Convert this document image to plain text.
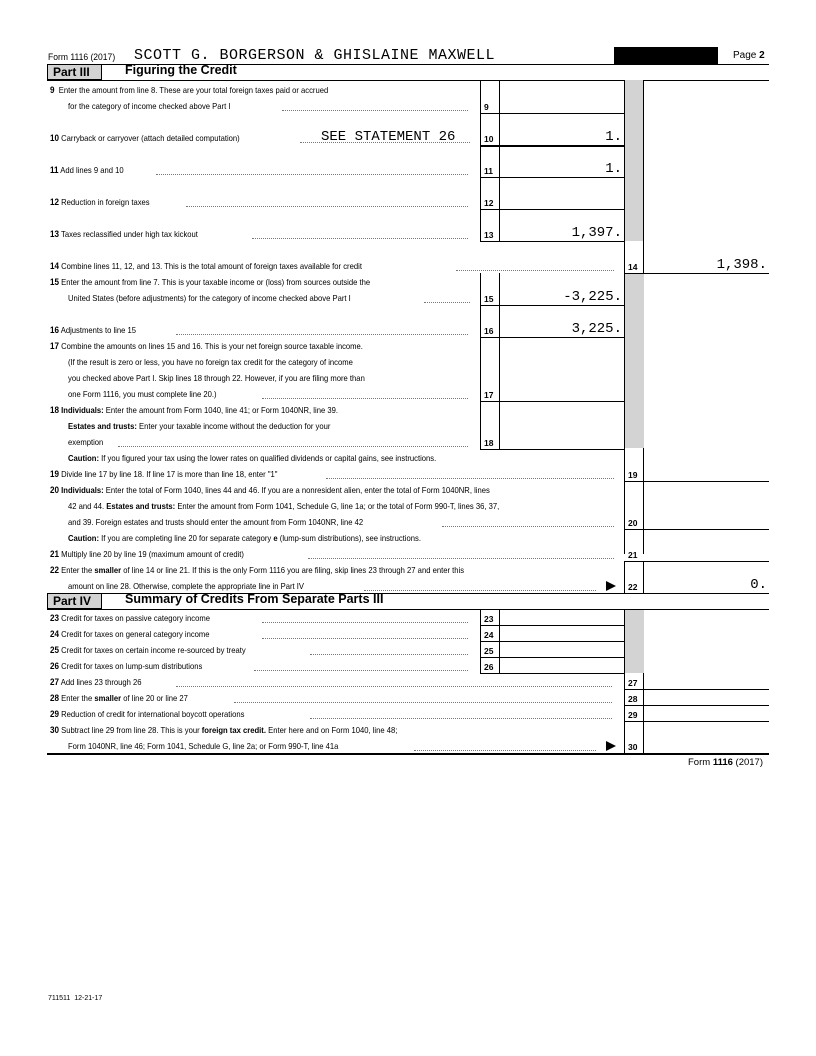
Form 1116 (2017) SCOTT G. BORGERSON & GHISLAINE MAXWELL	Page 2
Part III	Figuring the Credit
9 Enter the amount from line 8. These are your total foreign taxes paid or accrued
for the category of income checked above Part I	9
10 Carryback or carryover (attach detailed computation)	SEE STATEMENT 26	10	1.
11 Add lines 9 and 10	11	1.
12 Reduction in foreign taxes	12
13 Taxes reclassified under high tax kickout	13	1,397.
14 Combine lines 11, 12, and 13. This is the total amount of foreign taxes available for credit	14	1,398.
15 Enter the amount from line 7. This is your taxable income or (loss) from sources outside the
United States (before adjustments) for the category of income checked above Part I	15	-3,225.
16 Adjustments to line 15	16	3,225.
17 Combine the amounts on lines 15 and 16. This is your net foreign source taxable income.
(If the result is zero or less, you have no foreign tax credit for the category of income
you checked above Part I. Skip lines 18 through 22. However, if you are filing more than
one Form 1116, you must complete line 20.)	17
18 Individuals: Enter the amount from Form 1040, line 41; or Form 1040NR, line 39.
Estates and trusts: Enter your taxable income without the deduction for your
exemption	18
Caution: If you figured your tax using the lower rates on qualified dividends or capital gains, see instructions.
19 Divide line 17 by line 18. If line 17 is more than line 18, enter "1"	19
20 Individuals: Enter the total of Form 1040, lines 44 and 46. If you are a nonresident alien, enter the total of Form 1040NR, lines
42 and 44. Estates and trusts: Enter the amount from Form 1041, Schedule G, line 1a; or the total of Form 990-T, lines 36, 37,
and 39. Foreign estates and trusts should enter the amount from Form 1040NR, line 42	20
Caution: If you are completing line 20 for separate category e (lump-sum distributions), see instructions.
21 Multiply line 20 by line 19 (maximum amount of credit)	21
22 Enter the smaller of line 14 or line 21. If this is the only Form 1116 you are filing, skip lines 23 through 27 and enter this
amount on line 28. Otherwise, complete the appropriate line in Part IV	22	0.
Part IV	Summary of Credits From Separate Parts III
23 Credit for taxes on passive category income	23
24 Credit for taxes on general category income	24
25 Credit for taxes on certain income re-sourced by treaty	25
26 Credit for taxes on lump-sum distributions	26
27 Add lines 23 through 26	27
28 Enter the smaller of line 20 or line 27	28
29 Reduction of credit for international boycott operations	29
30 Subtract line 29 from line 28. This is your foreign tax credit. Enter here and on Form 1040, line 48;
Form 1040NR, line 46; Form 1041, Schedule G, line 2a; or Form 990-T, line 41a	30
Form 1116 (2017)
711511  12-21-17
